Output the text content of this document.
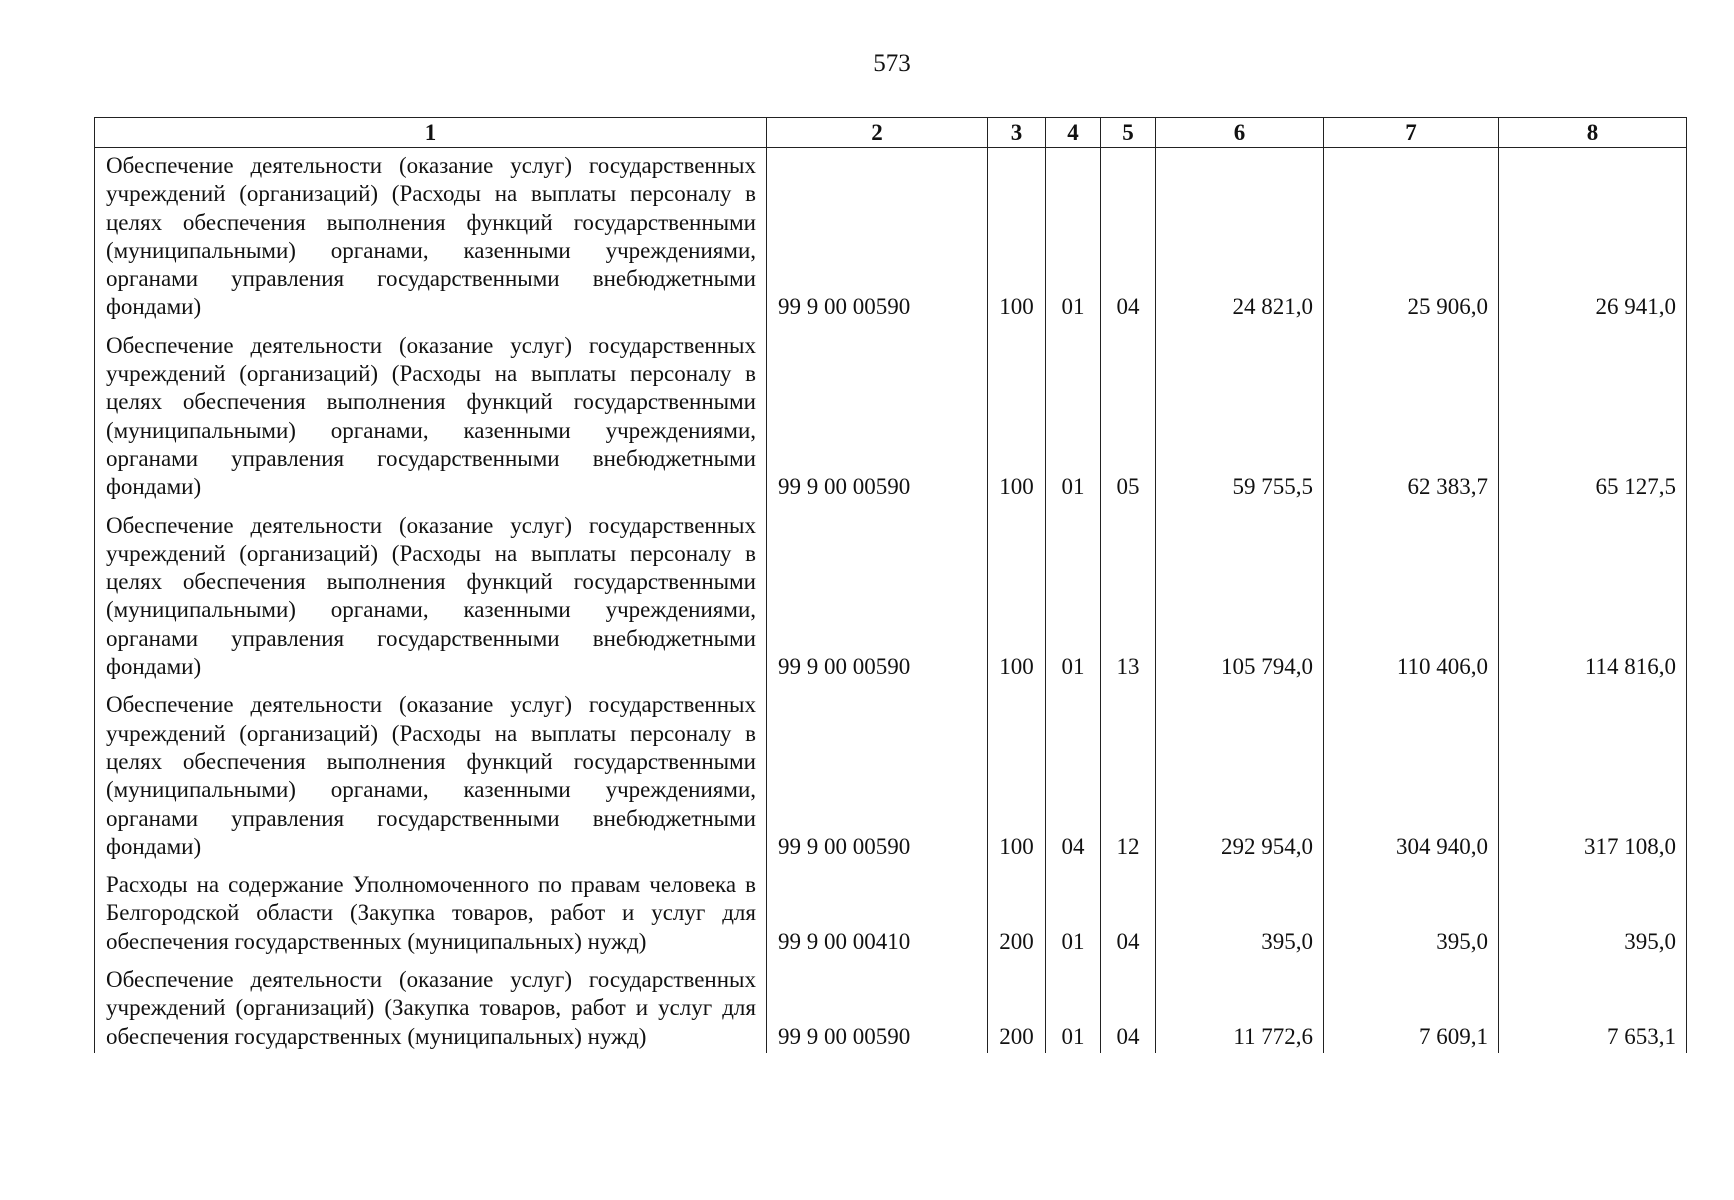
573
1	2	3	4	5	6	7	8
Обеспечение деятельности (оказание услуг) государственных учреждений (организаций) (Расходы на выплаты персоналу в целях обеспечения выполнения функций государственными (муниципальными) органами, казенными учреждениями, органами управления государственными внебюджетными фондами)	99 9 00 00590	100	01	04	24 821,0	25 906,0	26 941,0
Обеспечение деятельности (оказание услуг) государственных учреждений (организаций) (Расходы на выплаты персоналу в целях обеспечения выполнения функций государственными (муниципальными) органами, казенными учреждениями, органами управления государственными внебюджетными фондами)	99 9 00 00590	100	01	05	59 755,5	62 383,7	65 127,5
Обеспечение деятельности (оказание услуг) государственных учреждений (организаций) (Расходы на выплаты персоналу в целях обеспечения выполнения функций государственными (муниципальными) органами, казенными учреждениями, органами управления государственными внебюджетными фондами)	99 9 00 00590	100	01	13	105 794,0	110 406,0	114 816,0
Обеспечение деятельности (оказание услуг) государственных учреждений (организаций) (Расходы на выплаты персоналу в целях обеспечения выполнения функций государственными (муниципальными) органами, казенными учреждениями, органами управления государственными внебюджетными фондами)	99 9 00 00590	100	04	12	292 954,0	304 940,0	317 108,0
Расходы на содержание Уполномоченного по правам человека в Белгородской области (Закупка товаров, работ и услуг для обеспечения государственных (муниципальных) нужд)	99 9 00 00410	200	01	04	395,0	395,0	395,0
Обеспечение деятельности (оказание услуг) государственных учреждений (организаций) (Закупка товаров, работ и услуг для обеспечения государственных (муниципальных) нужд)	99 9 00 00590	200	01	04	11 772,6	7 609,1	7 653,1
